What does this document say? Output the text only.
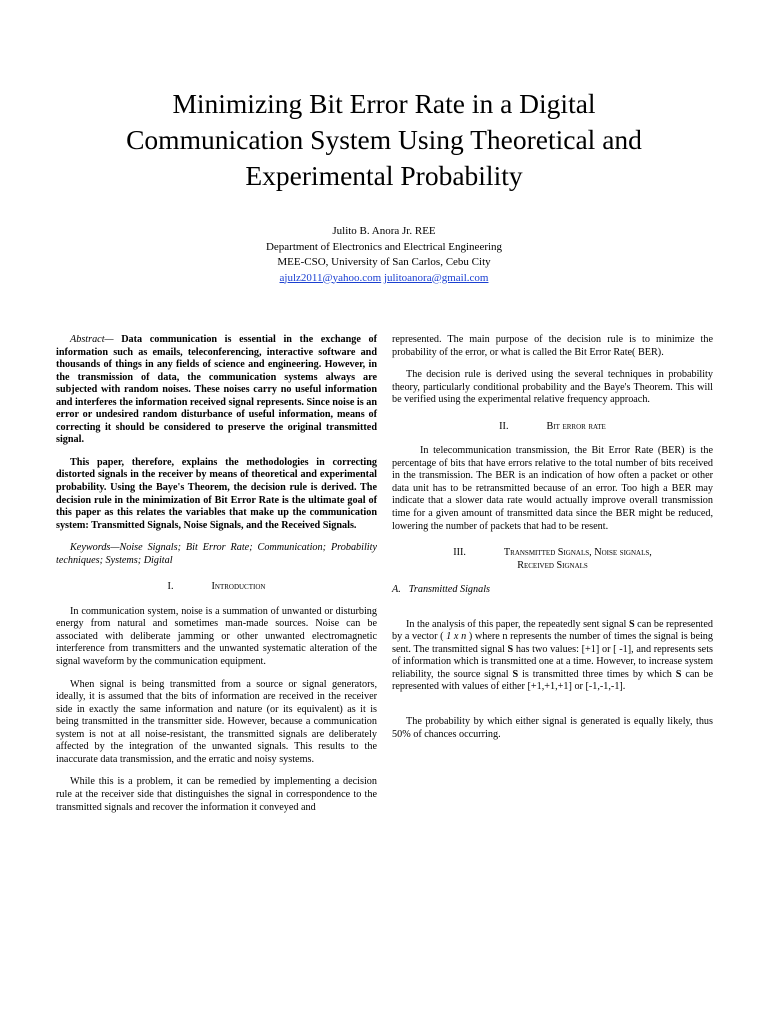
Minimizing Bit Error Rate in a Digital
Communication System Using Theoretical and
Experimental Probability
Julito B. Anora Jr. REE
Department of Electronics and Electrical Engineering
MEE-CSO, University of San Carlos, Cebu City
ajulz2011@yahoo.com julitoanora@gmail.com

Abstract— Data communication is essential in the exchange of information such as emails, teleconferencing, interactive software and thousands of things in any fields of science and engineering. However, in the transmission of data, the communication systems always are subjected with random noises. These noises carry no useful information and interferes the information received signal represents. Since noise is an error or undesired random disturbance of useful information, means of correcting it should be considered to preserve the original transmitted signal.

This paper, therefore, explains the methodologies in correcting distorted signals in the receiver by means of theoretical and experimental probability. Using the Baye's Theorem, the decision rule is derived. The decision rule in the minimization of Bit Error Rate is the ultimate goal of this paper as this relates the variables that make up the communication system: Transmitted Signals, Noise Signals, and the Received Signals.

Keywords—Noise Signals; Bit Error Rate; Communication; Probability techniques; Systems; Digital

I.	Introduction

In communication system, noise is a summation of unwanted or disturbing energy from natural and sometimes man-made sources. Noise can be associated with deliberate jamming or other unwanted electromagnetic interference from transmitters and the unwanted systematic alteration of the signal waveform by the communication equipment.

When signal is being transmitted from a source or signal generators, ideally, it is assumed that the bits of information are received in the receiver side in exactly the same information and nature (or its equivalent) as it is being transmitted in the transmitter side. However, because a communication system is not at all noise-resistant, the transmitted signals are deliberately affected by the integration of the unwanted signals. This results to the inaccurate data transmission, and the erratic and noisy systems.

While this is a problem, it can be remedied by implementing a decision rule at the receiver side that distinguishes the signal in correspondence to the transmitted signals and recover the information it conveyed and

represented. The main purpose of the decision rule is to minimize the probability of the error, or what is called the Bit Error Rate( BER).

The decision rule is derived using the several techniques in probability theory, particularly conditional probability and the Baye's Theorem. This will be verified using the experimental relative frequency approach.

II.	Bit error rate

In telecommunication transmission, the Bit Error Rate (BER) is the percentage of bits that have errors relative to the total number of bits received in the transmission. The BER is an indication of how often a packet or other data unit has to be retransmitted because of an error. Too high a BER may indicate that a slower data rate would actually improve overall transmission time for a given amount of transmitted data since the BER might be reduced, lowering the number of packets that had to be resent.

III.	Transmitted Signals, Noise signals,
Received Signals
A. Transmitted Signals

In the analysis of this paper, the repeatedly sent signal S can be represented by a vector ( 1 x n ) where n represents the number of times the signal is being sent. The transmitted signal S has two values: [+1] or [ -1], and represents sets of information which is transmitted one at a time. However, to increase system reliability, the source signal S is transmitted three times by which S can be represented with values of either [+1,+1,+1] or [-1,-1,-1].

The probability by which either signal is generated is equally likely, thus 50% of chances occurring.
